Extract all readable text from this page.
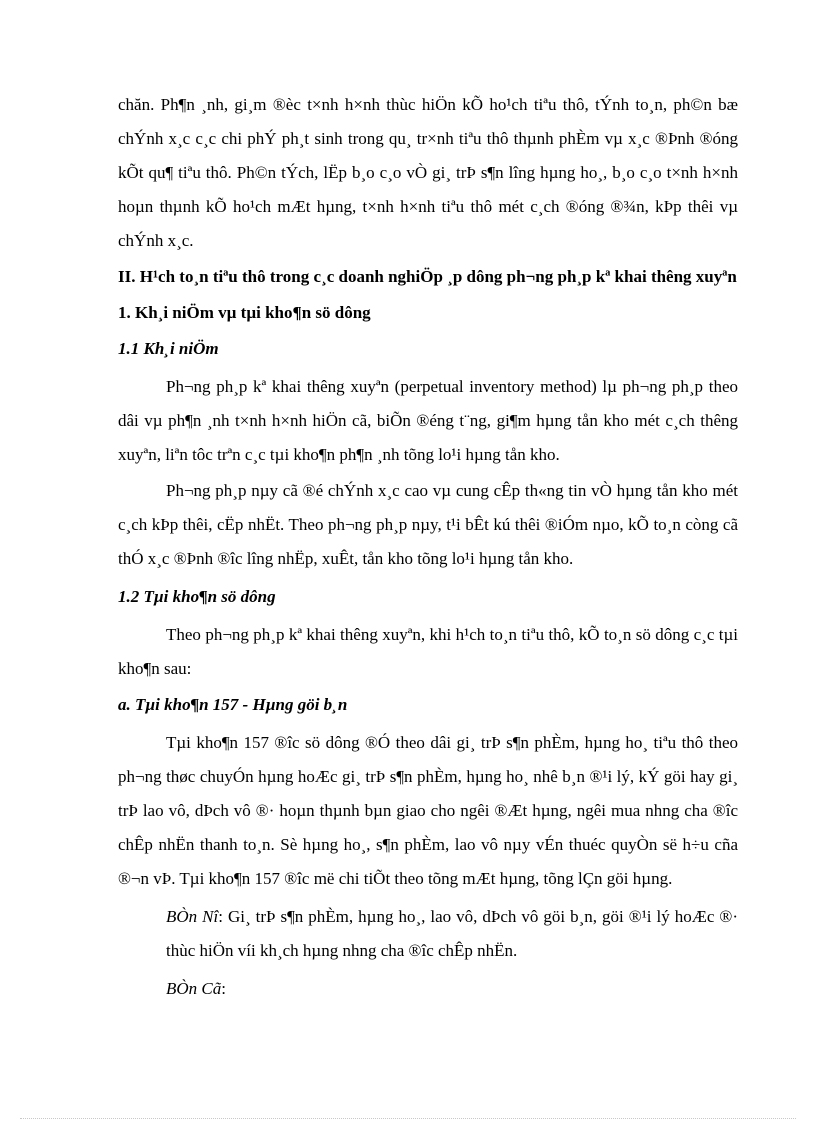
chăn. Ph¶n ¸nh, gi¸m ®èc t×nh h×nh thùc hiÖn kÕ ho¹ch tiªu thô, tÝnh to¸n, ph©n bæ chÝnh x¸c c¸c chi phÝ ph¸t sinh trong qu¸ tr×nh tiªu thô thµnh phÈm vµ x¸c ®Þnh ®óng kÕt qu¶ tiªu thô. Ph©n tÝch, lËp b¸o c¸o vÒ gi¸ trÞ s¶n lîng hµng ho¸, b¸o c¸o t×nh h×nh hoµn thµnh kÕ ho¹ch mÆt hµng, t×nh h×nh tiªu thô mét c¸ch ®óng ®¾n, kÞp thêi vµ chÝnh x¸c.

II. H¹ch to¸n tiªu thô trong c¸c doanh nghiÖp ¸p dông ph¬ng ph¸p kª khai thêng xuyªn

1. Kh¸i niÖm vµ tµi kho¶n sö dông

1.1 Kh¸i niÖm

Ph¬ng ph¸p kª khai thêng xuyªn (perpetual inventory method) lµ ph¬ng ph¸p theo dâi vµ ph¶n ¸nh t×nh h×nh hiÖn cã, biÕn ®éng t¨ng, gi¶m hµng tån kho mét c¸ch thêng xuyªn, liªn tôc trªn c¸c tµi kho¶n ph¶n ¸nh tõng lo¹i hµng tån kho.

Ph¬ng ph¸p nµy cã ®é chÝnh x¸c cao vµ cung cÊp th«ng tin vÒ hµng tån kho mét c¸ch kÞp thêi, cËp nhËt. Theo ph¬ng ph¸p nµy, t¹i bÊt kú thêi ®iÓm nµo, kÕ to¸n còng cã thÓ x¸c ®Þnh ®îc lîng nhËp, xuÊt, tån kho tõng lo¹i hµng tån kho.

1.2 Tµi kho¶n sö dông

Theo ph¬ng ph¸p kª khai thêng xuyªn, khi h¹ch to¸n tiªu thô, kÕ to¸n sö dông c¸c tµi kho¶n sau:

a. Tµi kho¶n 157 - Hµng göi b¸n

Tµi kho¶n 157 ®îc sö dông ®Ó theo dâi gi¸ trÞ s¶n phÈm, hµng ho¸ tiªu thô theo ph¬ng thøc chuyÓn hµng hoÆc gi¸ trÞ s¶n phÈm, hµng ho¸ nhê b¸n ®¹i lý, kÝ göi hay gi¸ trÞ lao vô, dÞch vô ®· hoµn thµnh bµn giao cho ngêi ®Æt hµng, ngêi mua nhng cha ®îc chÊp nhËn thanh to¸n. Sè hµng ho¸, s¶n phÈm, lao vô nµy vÉn thuéc quyÒn së h÷u cña ®¬n vÞ. Tµi kho¶n 157 ®îc më chi tiÕt theo tõng mÆt hµng, tõng lÇn göi hµng.

BÒn Nî: Gi¸ trÞ s¶n phÈm, hµng ho¸, lao vô, dÞch vô göi b¸n, göi ®¹i lý hoÆc ®· thùc hiÖn víi kh¸ch hµng nhng cha ®îc chÊp nhËn.

BÒn Cã:
